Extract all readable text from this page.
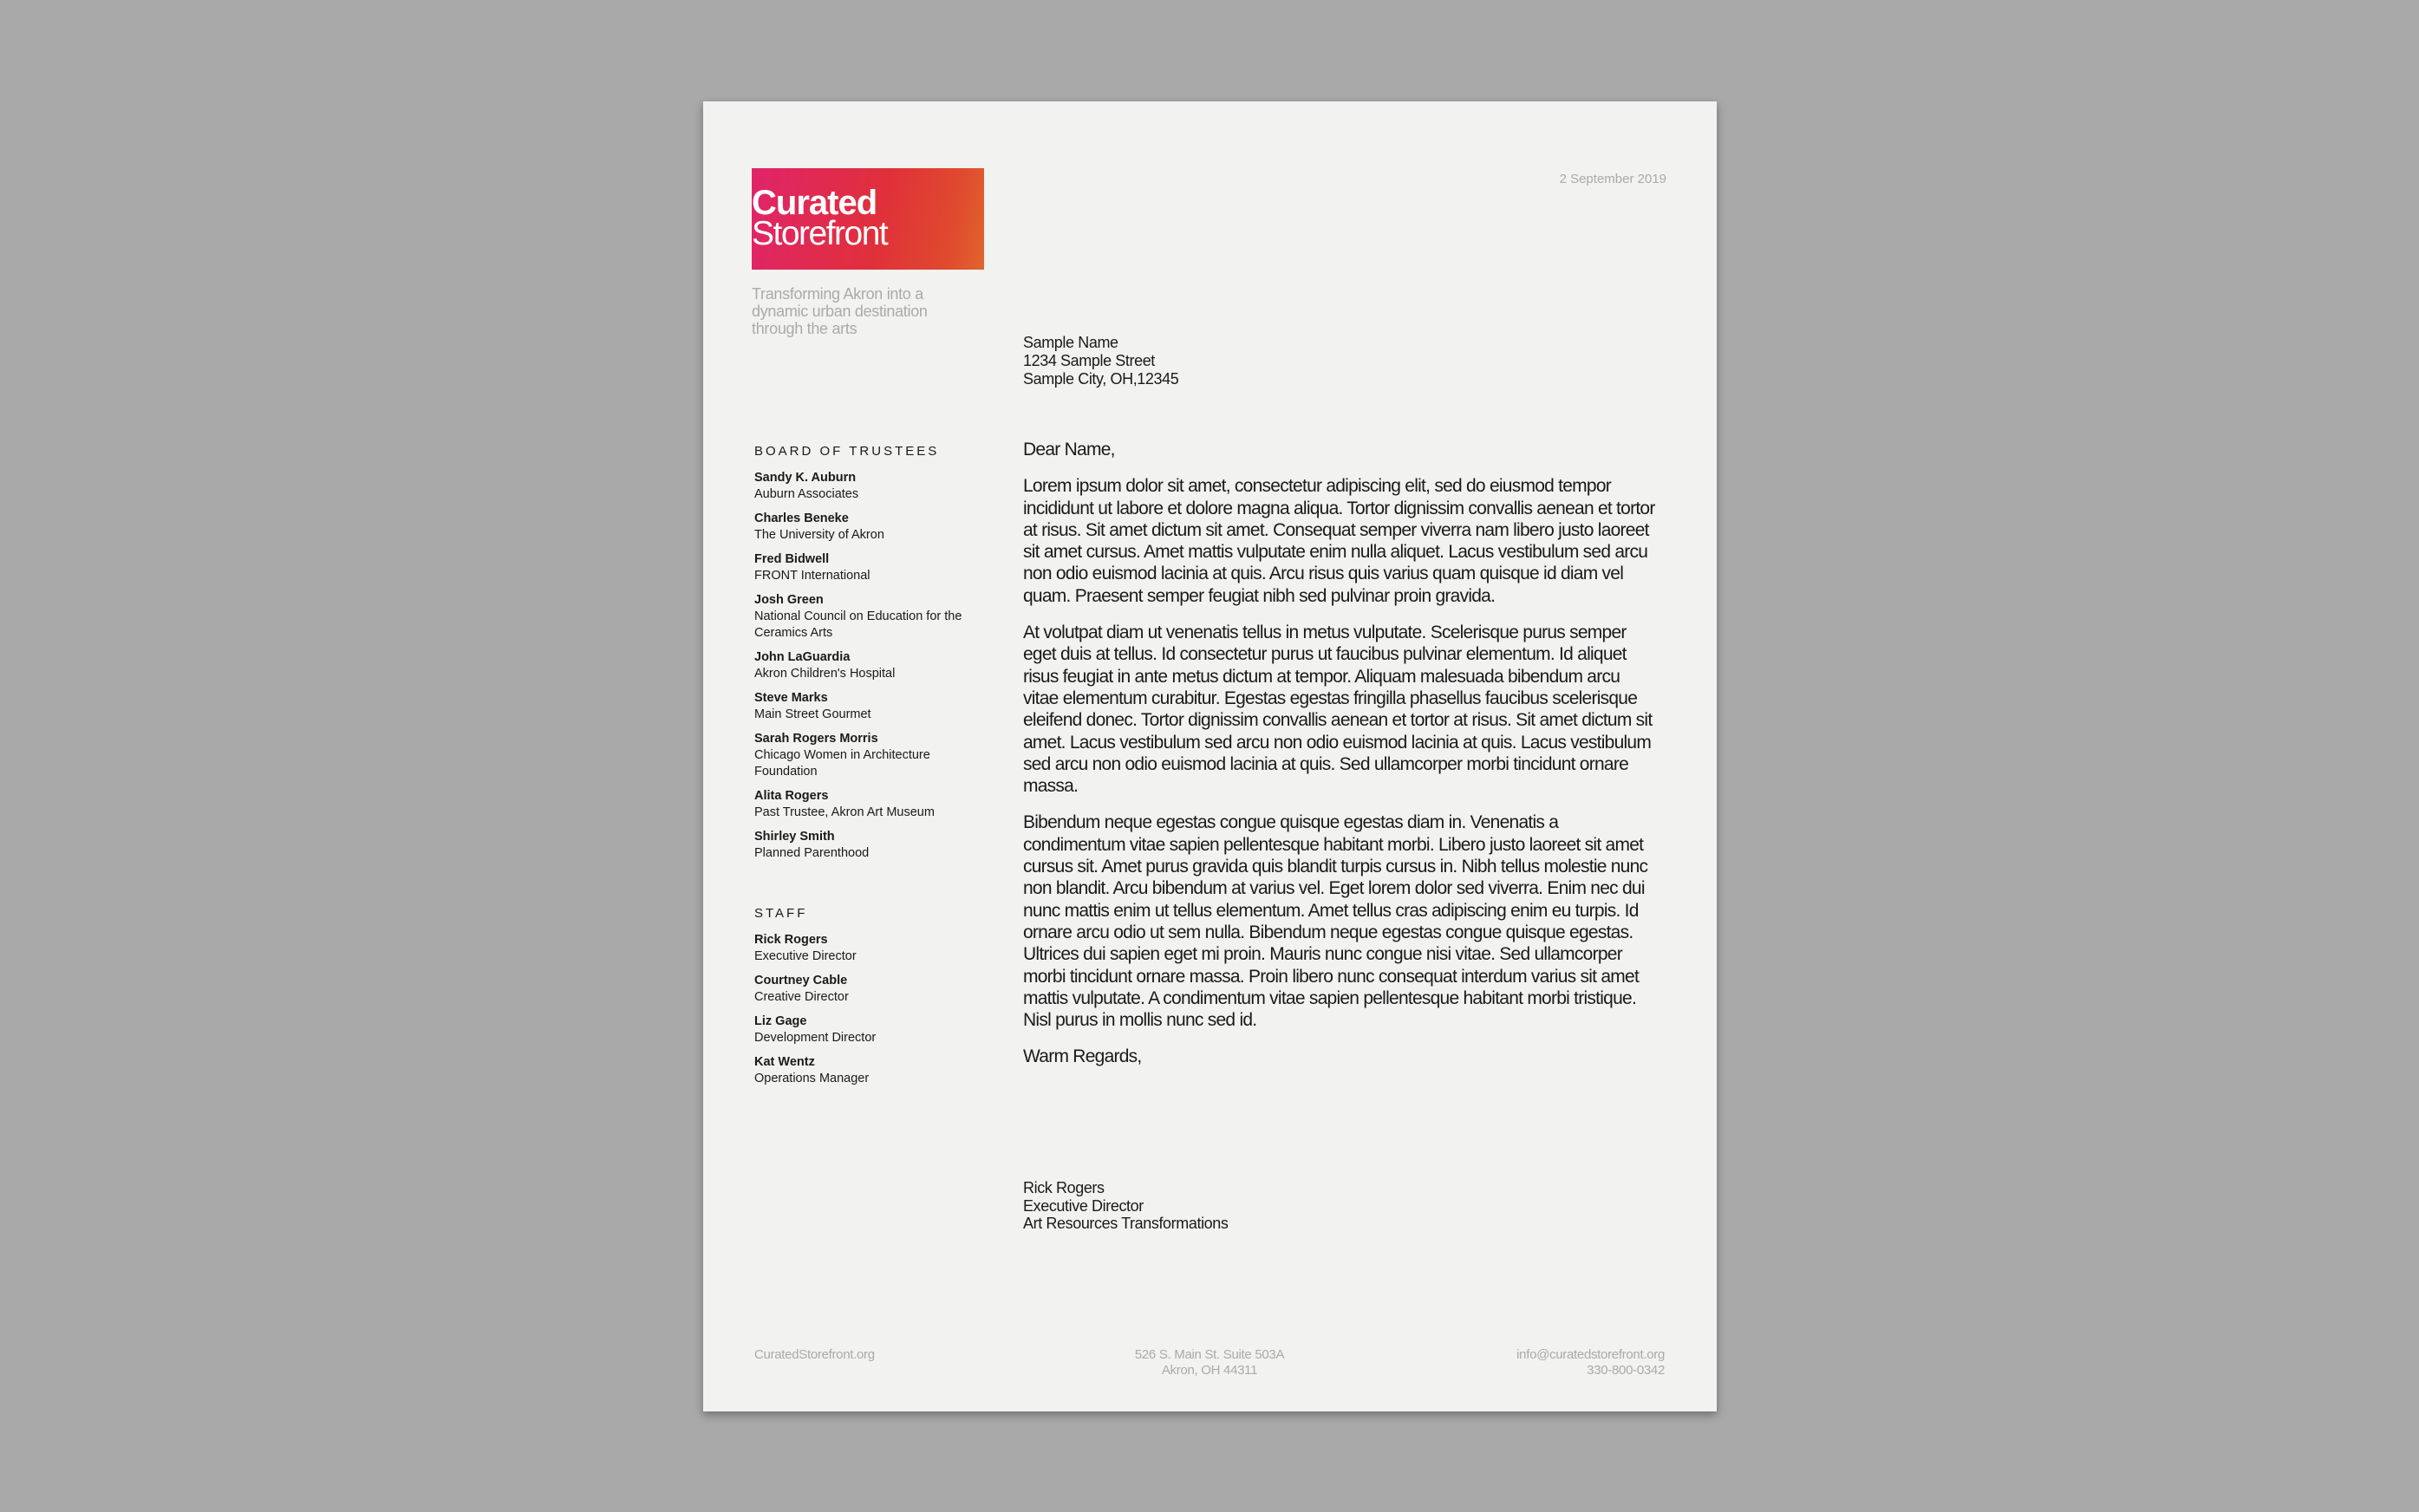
Curated
Storefront
Transforming Akron into a dynamic urban destination through the arts
2 September 2019
Sample Name
1234 Sample Street
Sample City, OH,12345
BOARD OF TRUSTEES
Sandy K. Auburn
Auburn Associates
Charles Beneke
The University of Akron
Fred Bidwell
FRONT International
Josh Green
National Council on Education for the Ceramics Arts
John LaGuardia
Akron Children's Hospital
Steve Marks
Main Street Gourmet
Sarah Rogers Morris
Chicago Women in Architecture Foundation
Alita Rogers
Past Trustee, Akron Art Museum
Shirley Smith
Planned Parenthood
STAFF
Rick Rogers
Executive Director
Courtney Cable
Creative Director
Liz Gage
Development Director
Kat Wentz
Operations Manager

Dear Name,

Lorem ipsum dolor sit amet, consectetur adipiscing elit, sed do eiusmod tempor incididunt ut labore et dolore magna aliqua. Tortor dignissim convallis aenean et tortor at risus. Sit amet dictum sit amet. Consequat semper viverra nam libero justo laoreet sit amet cursus. Amet mattis vulputate enim nulla aliquet. Lacus vestibulum sed arcu non odio euismod lacinia at quis. Arcu risus quis varius quam quisque id diam vel quam. Praesent semper feugiat nibh sed pulvinar proin gravida.

At volutpat diam ut venenatis tellus in metus vulputate. Scelerisque purus semper eget duis at tellus. Id consectetur purus ut faucibus pulvinar elementum. Id aliquet risus feugiat in ante metus dictum at tempor. Aliquam malesuada bibendum arcu vitae elementum curabitur. Egestas egestas fringilla phasellus faucibus scelerisque eleifend donec. Tortor dignissim convallis aenean et tortor at risus. Sit amet dictum sit amet. Lacus vestibulum sed arcu non odio euismod lacinia at quis. Lacus vestibulum sed arcu non odio euismod lacinia at quis. Sed ullamcorper morbi tincidunt ornare massa.

Bibendum neque egestas congue quisque egestas diam in. Venenatis a condimentum vitae sapien pellentesque habitant morbi. Libero justo laoreet sit amet cursus sit. Amet purus gravida quis blandit turpis cursus in. Nibh tellus molestie nunc non blandit. Arcu bibendum at varius vel. Eget lorem dolor sed viverra. Enim nec dui nunc mattis enim ut tellus elementum. Amet tellus cras adipiscing enim eu turpis. Id ornare arcu odio ut sem nulla. Bibendum neque egestas congue quisque egestas. Ultrices dui sapien eget mi proin. Mauris nunc congue nisi vitae. Sed ullamcorper morbi tincidunt ornare massa. Proin libero nunc consequat interdum varius sit amet mattis vulputate. A condimentum vitae sapien pellentesque habitant morbi tristique. Nisl purus in mollis nunc sed id.

Warm Regards,

Rick Rogers
Executive Director
Art Resources Transformations
CuratedStorefront.org	526 S. Main St. Suite 503A
Akron, OH 44311
info@curatedstorefront.org
330-800-0342
